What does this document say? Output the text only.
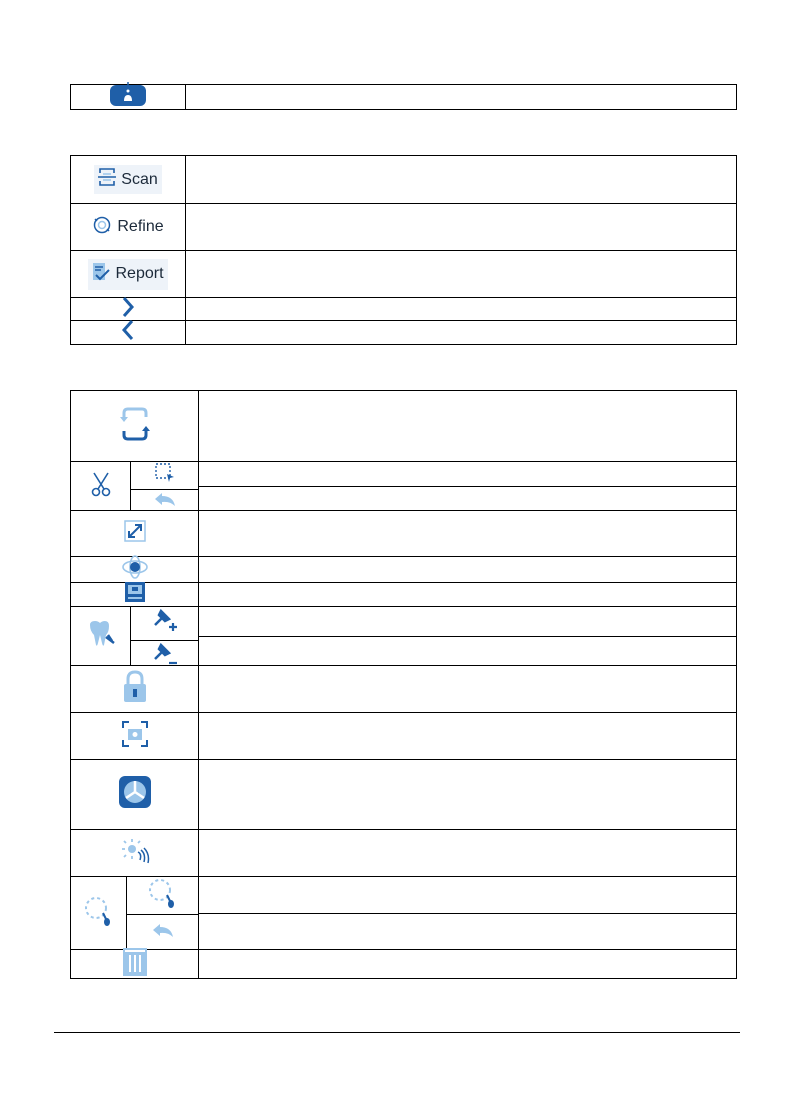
Scan
Refine
Report
